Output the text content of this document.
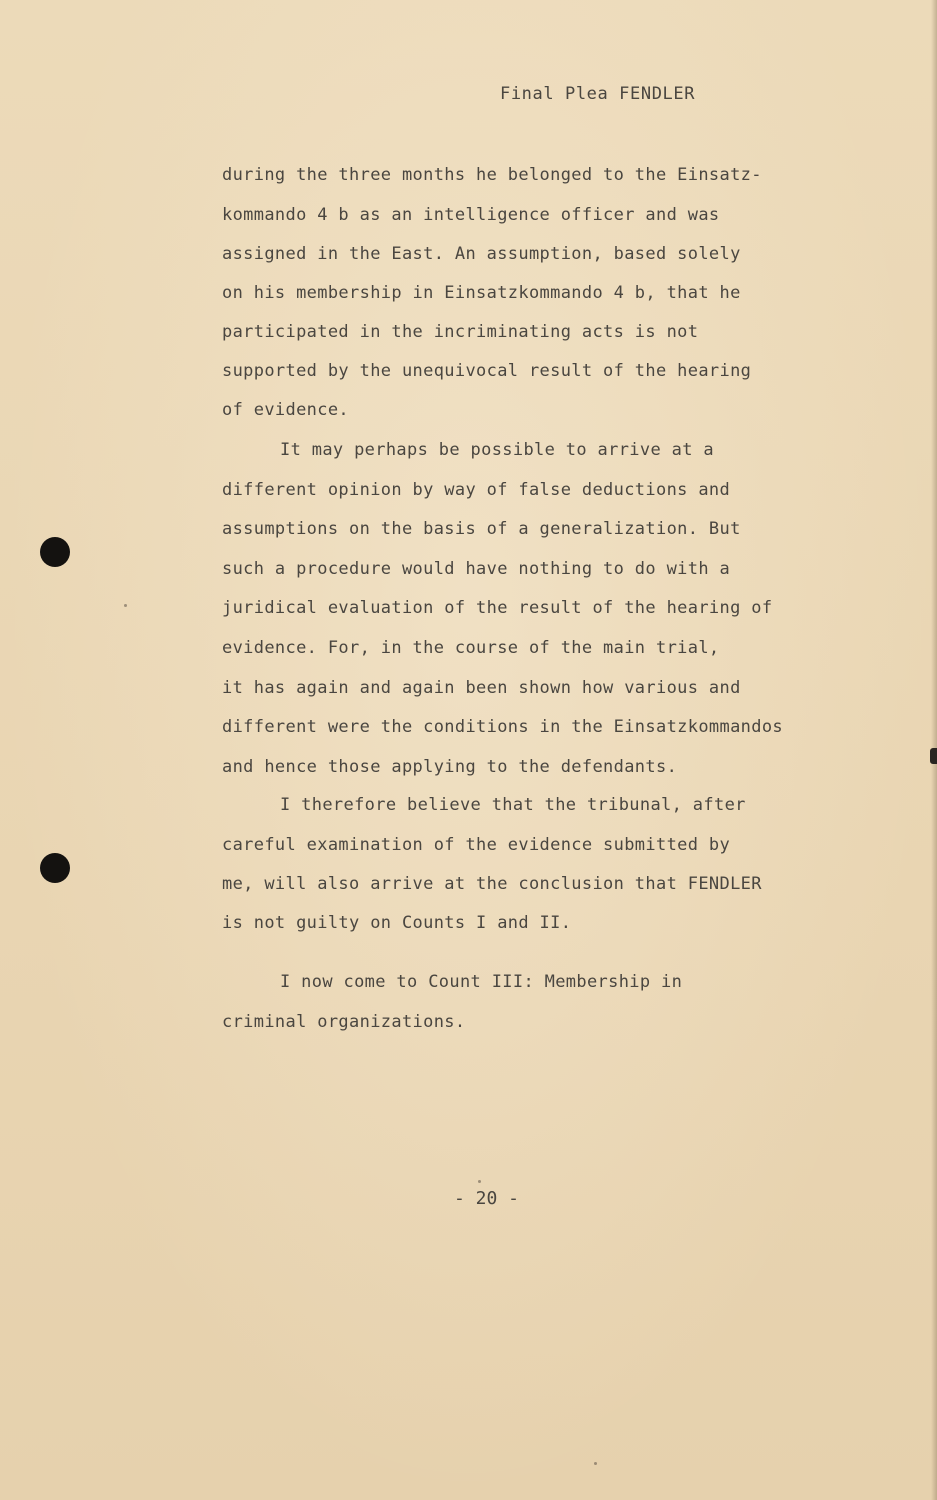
Final Plea FENDLER
during the three months he belonged to the Einsatz-
kommando 4 b as an intelligence officer and was
assigned in the East. An assumption, based solely
on his membership in Einsatzkommando 4 b, that he
participated in the incriminating acts is not
supported by the unequivocal result of the hearing
of evidence.
It may perhaps be possible to arrive at a
different opinion by way of false deductions and
assumptions on the basis of a generalization. But
such a procedure would have nothing to do with a
juridical evaluation of the result of the hearing of
evidence. For, in the course of the main trial,
it has again and again been shown how various and
different were the conditions in the Einsatzkommandos
and hence those applying to the defendants.
I therefore believe that the tribunal, after
careful examination of the evidence submitted by
me, will also arrive at the conclusion that FENDLER
is not guilty on Counts I and II.
I now come to Count III: Membership in
criminal organizations.
- 20 -
